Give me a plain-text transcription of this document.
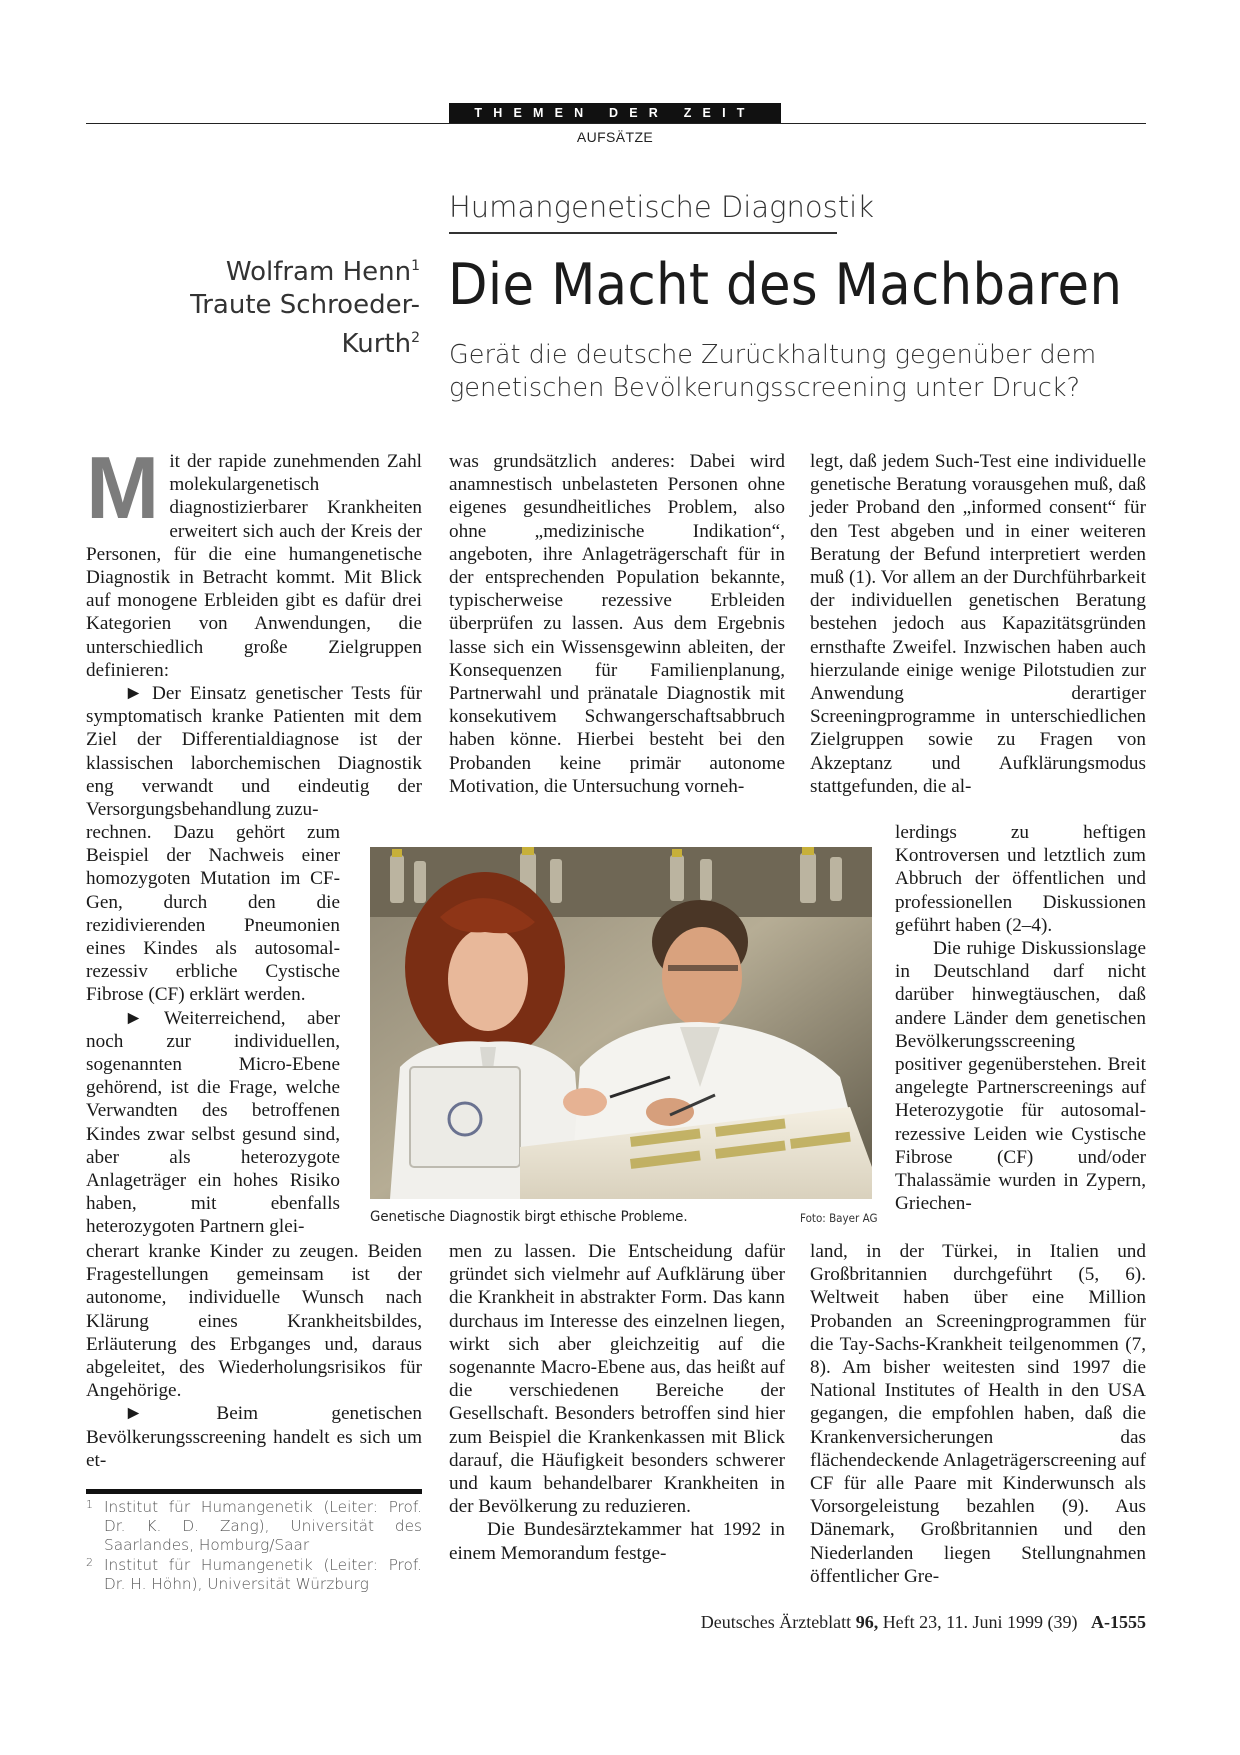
THEMEN DER ZEIT
AUFSÄTZE
Humangenetische Diagnostik
Wolfram Henn$^1$
Traute Schroeder-Kurth$^2$
Die Macht des Machbaren
Gerät die deutsche Zurückhaltung gegenüber dem genetischen Bevölkerungsscreening unter Druck?

Mit der rapide zunehmenden Zahl molekulargenetisch diagnostizierbarer Krankheiten erweitert sich auch der Kreis der Personen, für die eine humangenetische Diagnostik in Betracht kommt. Mit Blick auf monogene Erbleiden gibt es dafür drei Kategorien von Anwendungen, die unterschiedlich große Zielgruppen definieren:

► Der Einsatz genetischer Tests für symptomatisch kranke Patienten mit dem Ziel der Differentialdiagnose ist der klassischen laborchemischen Diagnostik eng verwandt und eindeutig der Versorgungsbehandlung zuzu-

rechnen. Dazu gehört zum Beispiel der Nachweis einer homozygoten Mutation im CF-Gen, durch den die rezidivierenden Pneumonien eines Kindes als autosomal-rezessiv erbliche Cystische Fibrose (CF) erklärt werden.

► Weiterreichend, aber noch zur individuellen, sogenannten Micro-Ebene gehörend, ist die Frage, welche Verwandten des betroffenen Kindes zwar selbst gesund sind, aber als heterozygote Anlageträger ein hohes Risiko haben, mit ebenfalls heterozygoten Partnern glei-

cherart kranke Kinder zu zeugen. Beiden Fragestellungen gemeinsam ist der autonome, individuelle Wunsch nach Klärung eines Krankheitsbildes, Erläuterung des Erbganges und, daraus abgeleitet, des Wiederholungsrisikos für Angehörige.

► Beim genetischen Bevölkerungsscreening handelt es sich um et-

was grundsätzlich anderes: Dabei wird anamnestisch unbelasteten Personen ohne eigenes gesundheitliches Problem, also ohne „medizinische Indikation“, angeboten, ihre Anlageträgerschaft für in der entsprechenden Population bekannte, typischerweise rezessive Erbleiden überprüfen zu lassen. Aus dem Ergebnis lasse sich ein Wissensgewinn ableiten, der Konsequenzen für Familienplanung, Partnerwahl und pränatale Diagnostik mit konsekutivem Schwangerschaftsabbruch haben könne. Hierbei besteht bei den Probanden keine primär autonome Motivation, die Untersuchung vorneh-

men zu lassen. Die Entscheidung dafür gründet sich vielmehr auf Aufklärung über die Krankheit in abstrakter Form. Das kann durchaus im Interesse des einzelnen liegen, wirkt sich aber gleichzeitig auf die sogenannte Macro-Ebene aus, das heißt auf die verschiedenen Bereiche der Gesellschaft. Besonders betroffen sind hier zum Beispiel die Krankenkassen mit Blick darauf, die Häufigkeit besonders schwerer und kaum behandelbarer Krankheiten in der Bevölkerung zu reduzieren.

Die Bundesärztekammer hat 1992 in einem Memorandum festge-

legt, daß jedem Such-Test eine individuelle genetische Beratung vorausgehen muß, daß jeder Proband den „informed consent“ für den Test abgeben und in einer weiteren Beratung der Befund interpretiert werden muß (1). Vor allem an der Durchführbarkeit der individuellen genetischen Beratung bestehen jedoch aus Kapazitätsgründen ernsthafte Zweifel. Inzwischen haben auch hierzulande einige wenige Pilotstudien zur Anwendung derartiger Screeningprogramme in unterschiedlichen Zielgruppen sowie zu Fragen von Akzeptanz und Aufklärungsmodus stattgefunden, die al-

lerdings zu heftigen Kontroversen und letztlich zum Abbruch der öffentlichen und professionellen Diskussionen geführt haben (2–4).

Die ruhige Diskussionslage in Deutschland darf nicht darüber hinwegtäuschen, daß andere Länder dem genetischen Bevölkerungsscreening positiver gegenüberstehen. Breit angelegte Partnerscreenings auf Heterozygotie für autosomal-rezessive Leiden wie Cystische Fibrose (CF) und/oder Thalassämie wurden in Zypern, Griechen-

land, in der Türkei, in Italien und Großbritannien durchgeführt (5, 6). Weltweit haben über eine Million Probanden an Screeningprogrammen für die Tay-Sachs-Krankheit teilgenommen (7, 8). Am bisher weitesten sind 1997 die National Institutes of Health in den USA gegangen, die empfohlen haben, daß die Krankenversicherungen das flächendeckende Anlageträgerscreening auf CF für alle Paare mit Kinderwunsch als Vorsorgeleistung bezahlen (9). Aus Dänemark, Großbritannien und den Niederlanden liegen Stellungnahmen öffentlicher Gre-

Genetische Diagnostik birgt ethische Probleme.	Foto: Bayer AG
1 Institut für Humangenetik (Leiter: Prof. Dr. K. D. Zang), Universität des Saarlandes, Homburg/Saar
2 Institut für Humangenetik (Leiter: Prof. Dr. H. Höhn), Universität Würzburg
Deutsches Ärzteblatt 96, Heft 23, 11. Juni 1999 (39) A-1555
